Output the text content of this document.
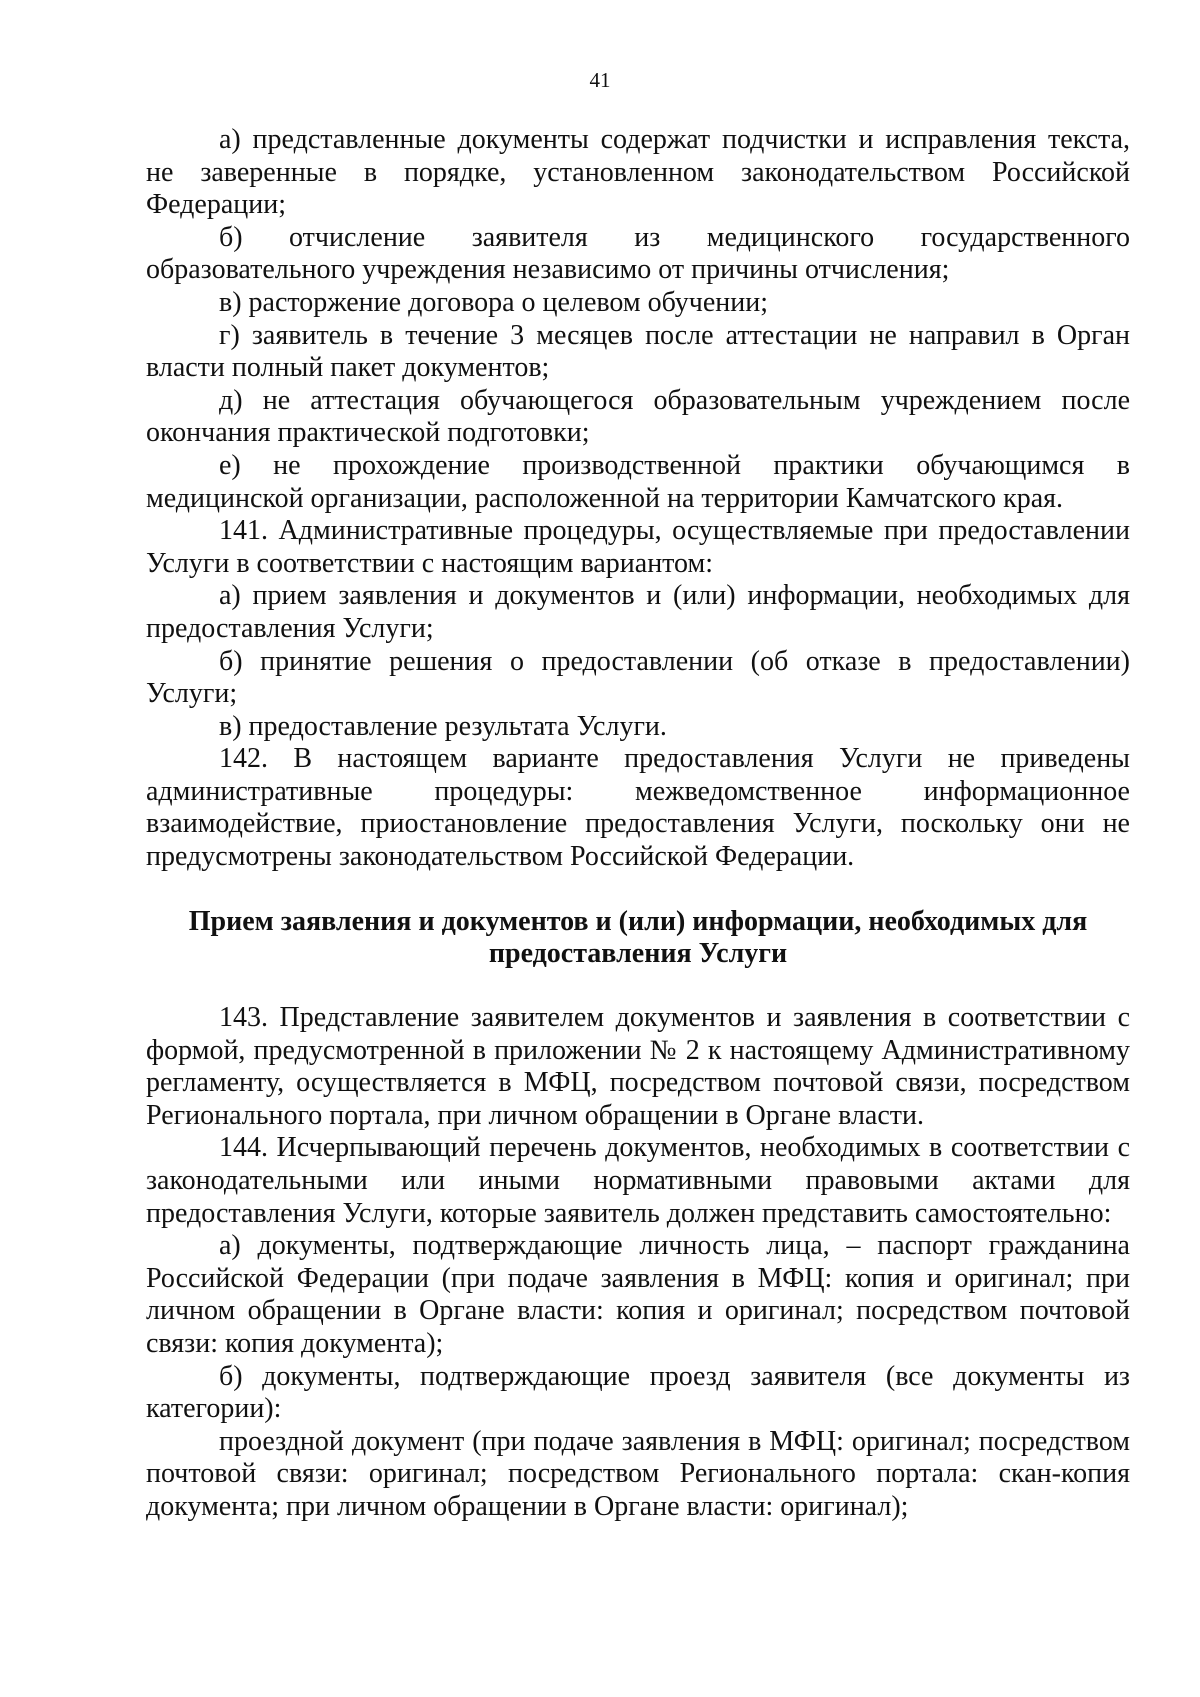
41

а) представленные документы содержат подчистки и исправления текста, не заверенные в порядке, установленном законодательством Российской Федерации;

б) отчисление заявителя из медицинского государственного образовательного учреждения независимо от причины отчисления;

в) расторжение договора о целевом обучении;

г) заявитель в течение 3 месяцев после аттестации не направил в Орган власти полный пакет документов;

д) не аттестация обучающегося образовательным учреждением после окончания практической подготовки;

е) не прохождение производственной практики обучающимся в медицинской организации, расположенной на территории Камчатского края.

141. Административные процедуры, осуществляемые при предоставлении Услуги в соответствии с настоящим вариантом:

а) прием заявления и документов и (или) информации, необходимых для предоставления Услуги;

б) принятие решения о предоставлении (об отказе в предоставлении) Услуги;

в) предоставление результата Услуги.

142. В настоящем варианте предоставления Услуги не приведены административные процедуры: межведомственное информационное взаимодействие, приостановление предоставления Услуги, поскольку они не предусмотрены законодательством Российской Федерации.

Прием заявления и документов и (или) информации, необходимых для предоставления Услуги

143. Представление заявителем документов и заявления в соответствии с формой, предусмотренной в приложении № 2 к настоящему Административному регламенту, осуществляется в МФЦ, посредством почтовой связи, посредством Регионального портала, при личном обращении в Органе власти.

144. Исчерпывающий перечень документов, необходимых в соответствии с законодательными или иными нормативными правовыми актами для предоставления Услуги, которые заявитель должен представить самостоятельно:

а) документы, подтверждающие личность лица, – паспорт гражданина Российской Федерации (при подаче заявления в МФЦ: копия и оригинал; при личном обращении в Органе власти: копия и оригинал; посредством почтовой связи: копия документа);

б) документы, подтверждающие проезд заявителя (все документы из категории):

проездной документ (при подаче заявления в МФЦ: оригинал; посредством почтовой связи: оригинал; посредством Регионального портала: скан-копия документа; при личном обращении в Органе власти: оригинал);
